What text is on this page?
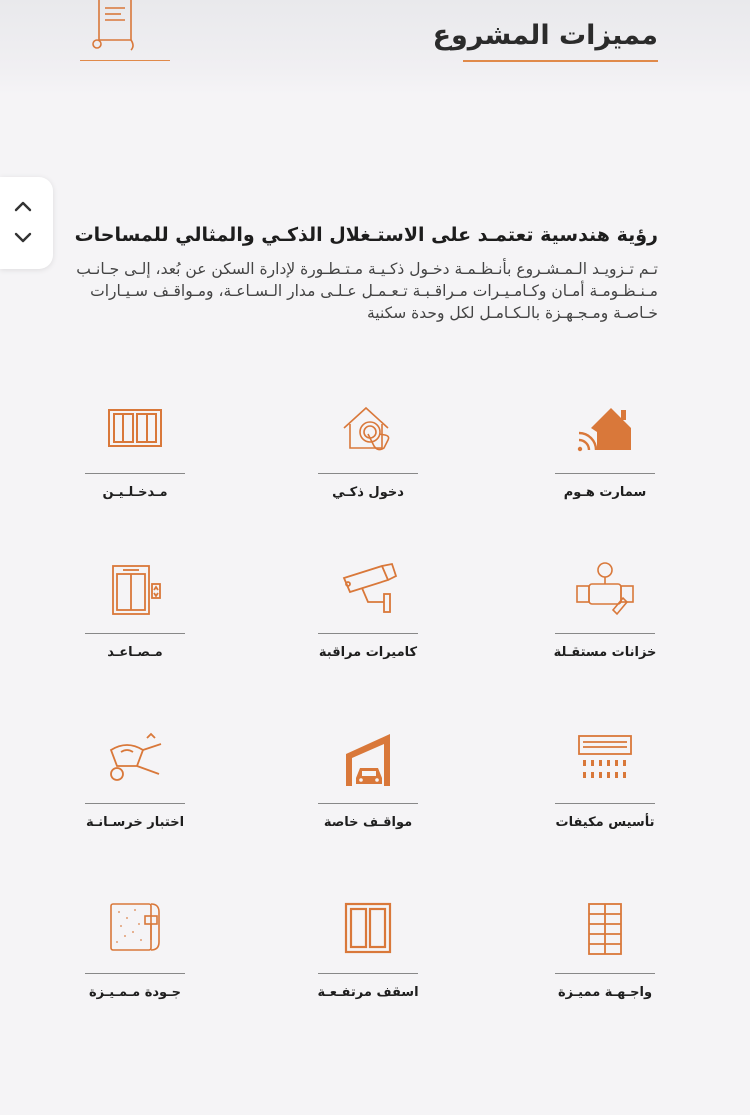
مميزات المشروع
رؤية هندسية تعتمـد على الاستـغلال الذكـي والمثالي للمساحات
تـم تـزويـد الـمـشـروع بأنـظـمـة دخـول ذكـيـة مـتـطـورة لإدارة السكن عن بُعد، إلـى جـانـب مـنـظـومـة أمـان وكـامـيـرات مـراقـبـة تـعـمـل عـلـى مدار الـسـاعـة، ومـواقـف سـيـارات خـاصـة ومـجـهـزة بالـكـامـل لكل وحدة سكنية
سمارت هـوم
دخول ذكـي
مـدخـلـيـن
خزانات مستقـلة
كاميرات مراقبة
مـصـاعـد
تأسيس مكيفات
مواقـف خاصة
اختبار خرسـانـة
واجـهـة مميـزة
اسقف مرتفـعـة
جـودة مـمـيـزة
